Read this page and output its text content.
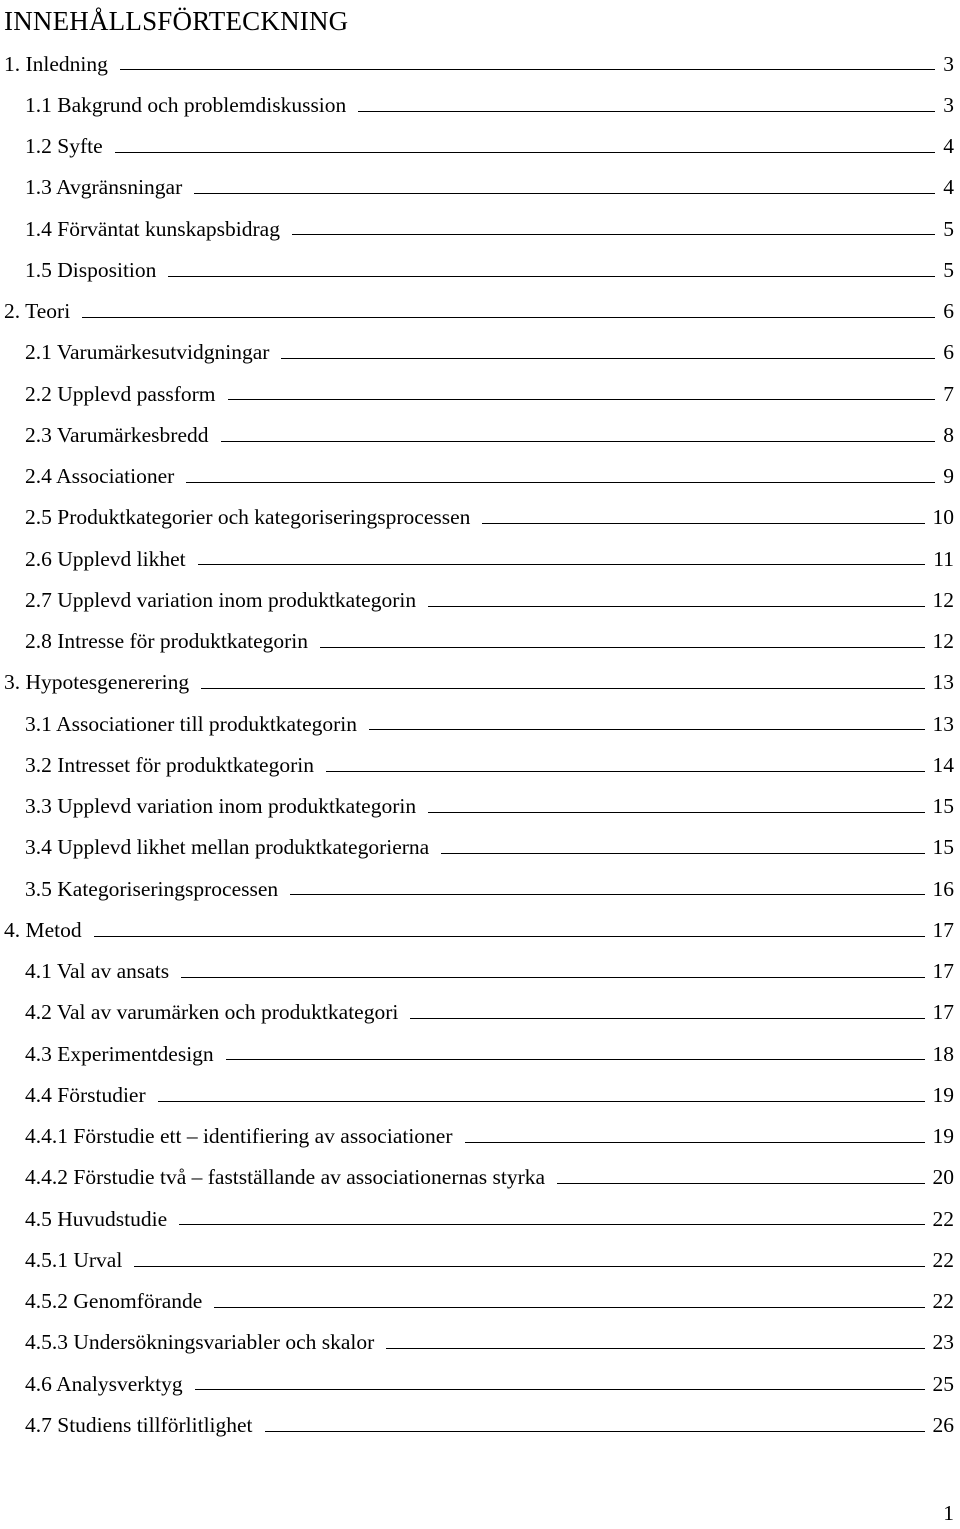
INNEHÅLLSFÖRTECKNING
1. Inledning	3
1.1 Bakgrund och problemdiskussion	3
1.2 Syfte	4
1.3 Avgränsningar	4
1.4 Förväntat kunskapsbidrag	5
1.5 Disposition	5
2. Teori	6
2.1 Varumärkesutvidgningar	6
2.2 Upplevd passform	7
2.3 Varumärkesbredd	8
2.4 Associationer	9
2.5 Produktkategorier och kategoriseringsprocessen	10
2.6 Upplevd likhet	11
2.7 Upplevd variation inom produktkategorin	12
2.8 Intresse för produktkategorin	12
3. Hypotesgenerering	13
3.1 Associationer till produktkategorin	13
3.2 Intresset för produktkategorin	14
3.3 Upplevd variation inom produktkategorin	15
3.4 Upplevd likhet mellan produktkategorierna	15
3.5 Kategoriseringsprocessen	16
4. Metod	17
4.1 Val av ansats	17
4.2 Val av varumärken och produktkategori	17
4.3 Experimentdesign	18
4.4 Förstudier	19
4.4.1 Förstudie ett – identifiering av associationer	19
4.4.2 Förstudie två – fastställande av associationernas styrka	20
4.5 Huvudstudie	22
4.5.1 Urval	22
4.5.2 Genomförande	22
4.5.3 Undersökningsvariabler och skalor	23
4.6 Analysverktyg	25
4.7 Studiens tillförlitlighet	26
1
